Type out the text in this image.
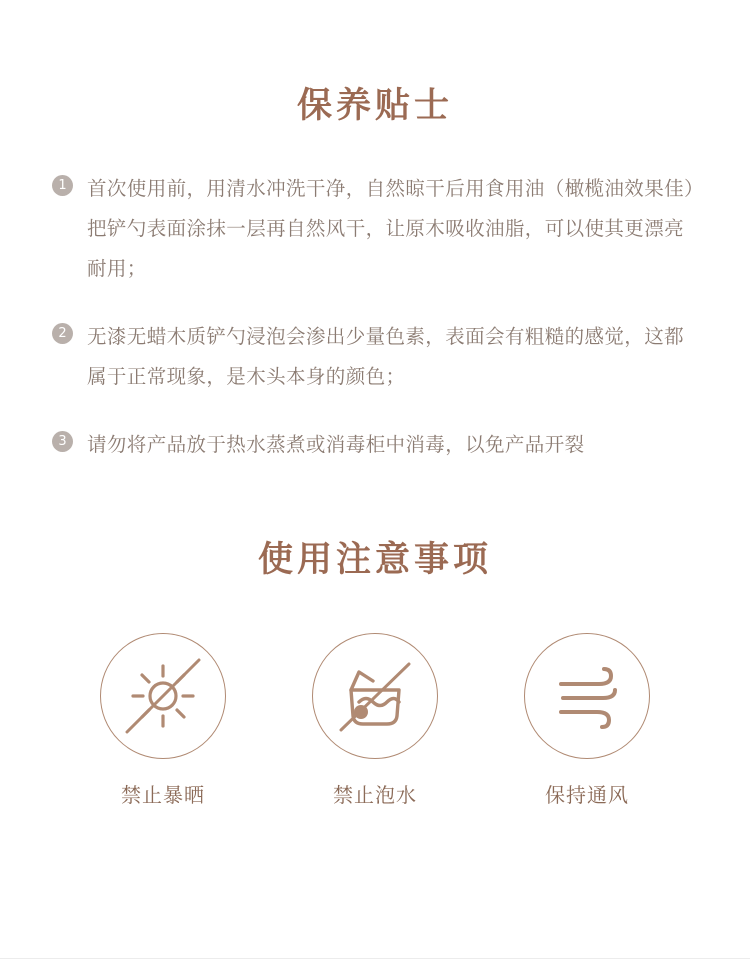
保养贴士
1	首次使用前，用清水冲洗干净，自然晾干后用食用油（橄榄油效果佳）把铲勺表面涂抹一层再自然风干，让原木吸收油脂，可以使其更漂亮耐用；
2	无漆无蜡木质铲勺浸泡会渗出少量色素，表面会有粗糙的感觉，这都属于正常现象，是木头本身的颜色；
3	请勿将产品放于热水蒸煮或消毒柜中消毒，以免产品开裂
使用注意事项
禁止暴晒	禁止泡水	保持通风
